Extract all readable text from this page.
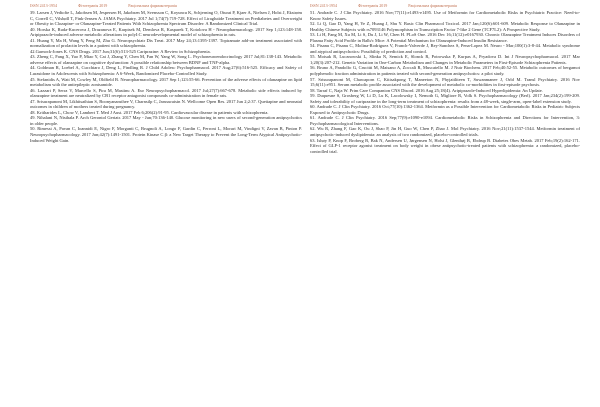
ISSN 2413-1954	Фітотерапія 2019	Раціональна фармакотерапія

39. Larsen J, Vedtofte L, Jakobsen M, Jespersen H, Jakobsen M, Svensson C, Koyuncu K, Schjerning O, Oturai P, Kjaer A, Nielsen J, Holst J, Ekstrøm C, Correll C, Vilsbøll T, Fink-Jensen A. JAMA Psychiatry. 2017 Jul 1;74(7):719-728. Effect of Liraglutide Treatment on Prediabetes and Overweight or Obesity in Clozapine- or Olanzapine-Treated Patients With Schizophrenia Spectrum Disorder: A Randomized Clinical Trial.

40. Horska K, Ruda-Kucerova J, Drazanova E, Karpisek M, Demlova R, Kasparek T, Kotolova H - Neuropharmacology. 2017 Sep 1;123:148-158. Aripiprazole-induced adverse metabolic alterations in polyI:C neurodevelopmental model of schizophrenia in rats.

41. Huang Y, Ma H, Wang Y, Peng M, Zhu G. Neuropsychiatr Dis Treat. 2017 May 24;13:1395-1397. Topiramate add-on treatment associated with normalization of prolactin levels in a patient with schizophrenia.

42.Garnock-Jones K. CNS Drugs. 2017 Jun;31(6):513-525 Cariprazine: A Review in Schizophrenia.

43. Zheng C, Fang X, Yao P, Miao Y, Cai J, Zhang Y, Chen M, Fan W, Yang W, Song L. Psychoneuroendocrinology 2017 Jul;81:138-143. Metabolic adverse effects of olanzapine on cognitive dysfunction: A possible relationship between BDNF and TNF-alpha.

44. Goldman R, Loebel A, Cucchiaro J, Deng L, Findling R. J Child Adolesc Psychopharmacol. 2017 Aug;27(6):516-525. Efficacy and Safety of Lurasidone in Adolescents with Schizophrenia: A 6-Week, Randomized Placebo-Controlled Study.

45. Stefanidis A, Watt M, Cowley M, Oldfield B. Neuropharmacology. 2017 Sep 1;123:55-66. Prevention of the adverse effects of olanzapine on lipid metabolism with the antiepileptic zonisamide.

46. Lazzari P, Serra V, Marcello S, Pira M, Mastinu A. Eur Neuropsychopharmacol. 2017 Jul;27(7):667-678. Metabolic side effects induced by olanzapine treatment are neutralized by CB1 receptor antagonist compounds co-administration in female rats.

47. Srisurapanont M, Likhitsathian S, Boonyanaruthee V, Charnsilp C, Jarusuraisin N. Wellcome Open Res. 2017 Jun 2;2:37. Quetiapine and neonatal outcomes in children of mothers treated during pregnancy.

48. Kritharides L, Chow V, Lambert T. Med J Aust. 2017 Feb 6;206(2):91-95. Cardiovascular disease in patients with schizophrenia.

49. Nihalani N, Nisthala P. Arch Gerontol Geriatr. 2017 May - Jun;70:136-140. Glucose monitoring in new users of second-generation antipsychotics in older people.

50. Rimessi A, Pavan C, Ioannidi E, Nigro F, Morganti C, Brugnoli A, Longo F, Gardin C, Ferroni L, Morari M, Vindigni V, Zavan B, Pinton P. Neuropsychopharmacology. 2017 Jun;42(7):1491-1501. Protein Kinase C β: a New Target Therapy to Prevent the Long-Term Atypical Antipsychotic-Induced Weight Gain.

ISSN 2413-1954	Фітотерапія 2019	Раціональна фармакотерапія

51. Andrade C. J Clin Psychiatry. 2016 Nov;77(11):e1493-e1495. Use of Metformin for Cardiometabolic Risks in Psychiatric Practice: Need-to-Know Safety Issues.

52. Li Q, Gao D, Yang H, Ye Z, Huang J, Shu Y. Basic Clin Pharmacol Toxicol. 2017 Jan;120(6):601-609. Metabolic Response to Olanzapine in Healthy Chinese Subjects with rs7093146 Polymorphism in Transcription Factor 7-like 2 Gene (TCF7L2): A Prospective Study.

53. Li H, Fang M, Xu M, Li S, Du J, Li W, Chen H. PLoS One. 2016 Dec 16;11(12):e0167930. Chronic Olanzapine Treatment Induces Disorders of Plasma Fatty Acid Profile in Balb/c Mice: A Potential Mechanism for Olanzapine-Induced Insulin Resistance.

54. Pisanu C, Pisanu C, Molina-Rodriguez V, Franch-Valverde J, Rey-Sanchez S, Pena-Lopez M. Neuro - Mar;100(1):3-8-44. Metabolic syndrome and atypical antipsychotics: Possibility of prediction and control.

55. Moisak R, Lucznowski L, Slinka N, Semick E, Slonck R, Potrowska P, Kurpas A, Pryadova D. Int J Neuropsychopharmacol. 2017 Mar 1;20(3):207-212. Genetic Variation in One-Carbon Metabolism and Changes in Metabolic Parameters in First-Episode Schizophrenia Patients.

56. Bruno A, Pandolfo G, Crucitti M, Maisano A, Zoccali R, Muscatello M. J Nutr Biochem. 2017 Feb;40:52-55. Metabolic outcomes of bergamot polyphenolic fraction administration in patients treated with second-generation antipsychotics: a pilot study.

57. Srisurapanont M, Chawaporn C, Kitisakpong T, Maneeton N, Phyjaitliteen T, Suwanmanee J, Orld M. Transl Psychiatry. 2016 Nov 15;6(11):e951. Serum metabolic profile associated with the development of metabolic co-morbidities in first-episode psychosis.

58. Tarraf C, Naja W. Prim Care Companion CNS Disord. 2016 Aug 25;18(4). Aripiprazole-Induced Hyperlipidemia: An Update.

59. Duquesne S, Grosberg W, Li D, Lu K, Lacolowsky I, Nemoth G, Migliore R, Volk S. Psychopharmacology (Berl). 2017 Jan;234(2):199-209. Safety and tolerability of cariprazine in the long-term treatment of schizophrenia: results from a 48-week, single-arm, open-label extension study.

60. Andrade C. J Clin Psychiatry. 2016 Oct;77(10):1362-1364. Metformin as a Possible Intervention for Cardiometabolic Risks in Pediatric Subjects Exposed to Antipsychotic Drugs.

61. Andrade C. J Clin Psychiatry. 2016 Sep;77(9):e1090-e1094. Cardiometabolic Risks in Schizophrenia and Directions for Intervention, 3: Psychopharmacological Interventions.

62. Wu R, Zhang F, Gao K, Ou J, Shao P, Jin H, Guo W, Chen P, Zhao J. Mol Psychiatry. 2016 Nov;21(11):1537-1544. Metformin treatment of antipsychotic-induced dyslipidemia: an analysis of two randomized, placebo-controlled trials.

63. Ishøy P, Knop F, Broberg B, Bak N, Andersen U, Jørgensen N, Holst J, Glenthøj B, Ebdrup B. Diabetes Obes Metab. 2017 Feb;19(2):162-171. Effect of GLP-1 receptor agonist treatment on body weight in obese antipsychotic-treated patients with schizophrenia: a randomized, placebo-controlled trial.
